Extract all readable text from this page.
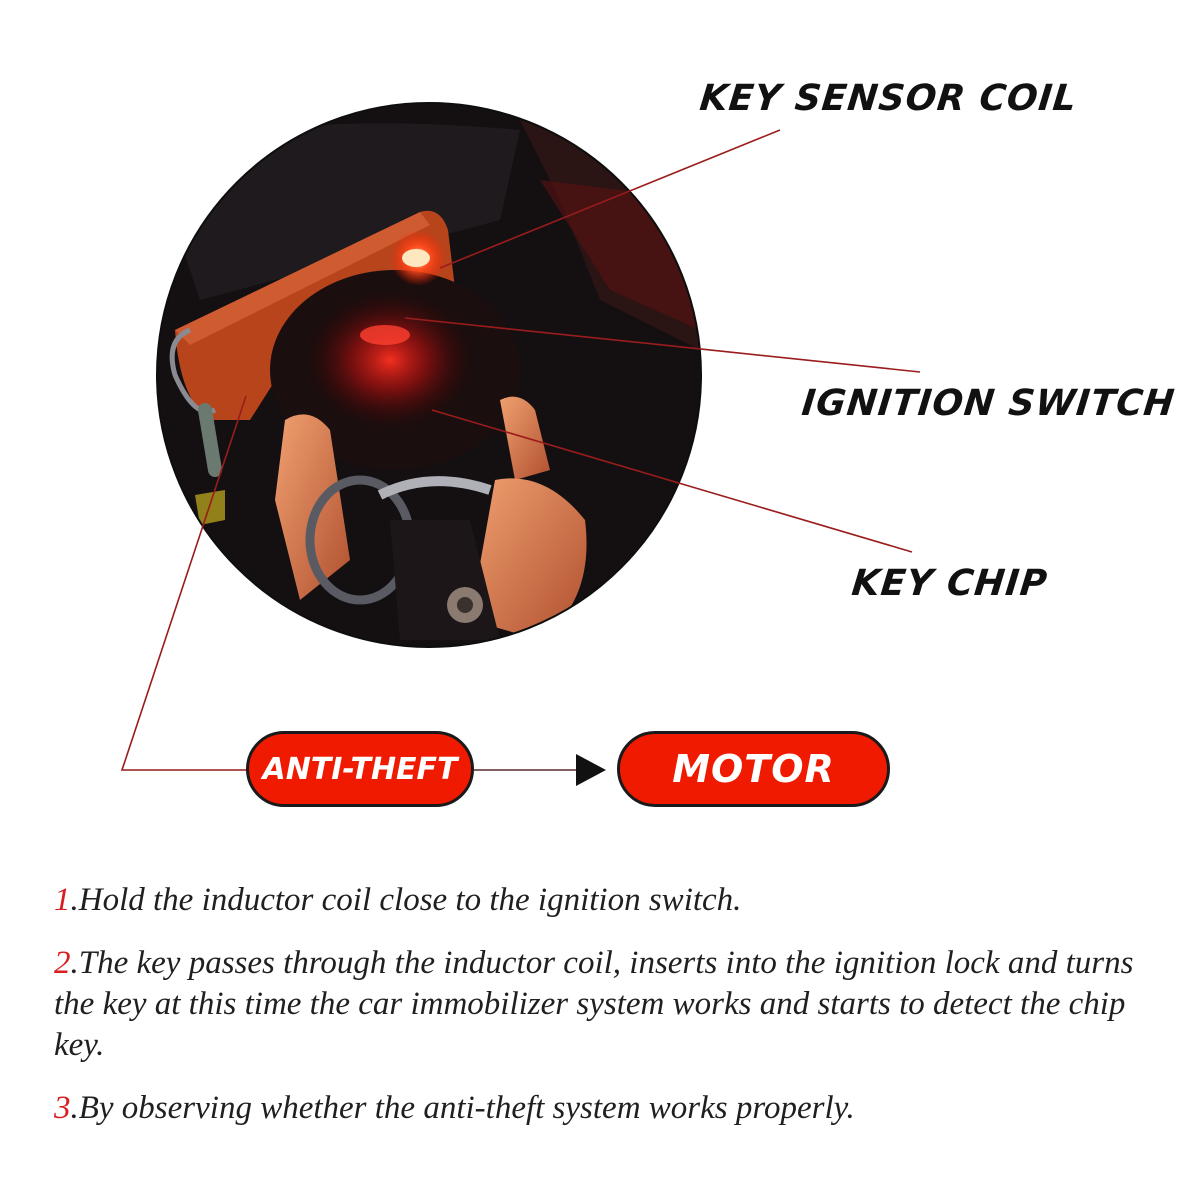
KEY SENSOR COIL
IGNITION SWITCH
KEY CHIP
ANTI-THEFT	MOTOR

1.Hold the inductor coil close to the ignition switch.

2.The key passes through the inductor coil, inserts into the ignition lock and turns the key at this time the car immobilizer system works and starts to detect the chip key.

3.By observing whether the anti-theft system works properly.
